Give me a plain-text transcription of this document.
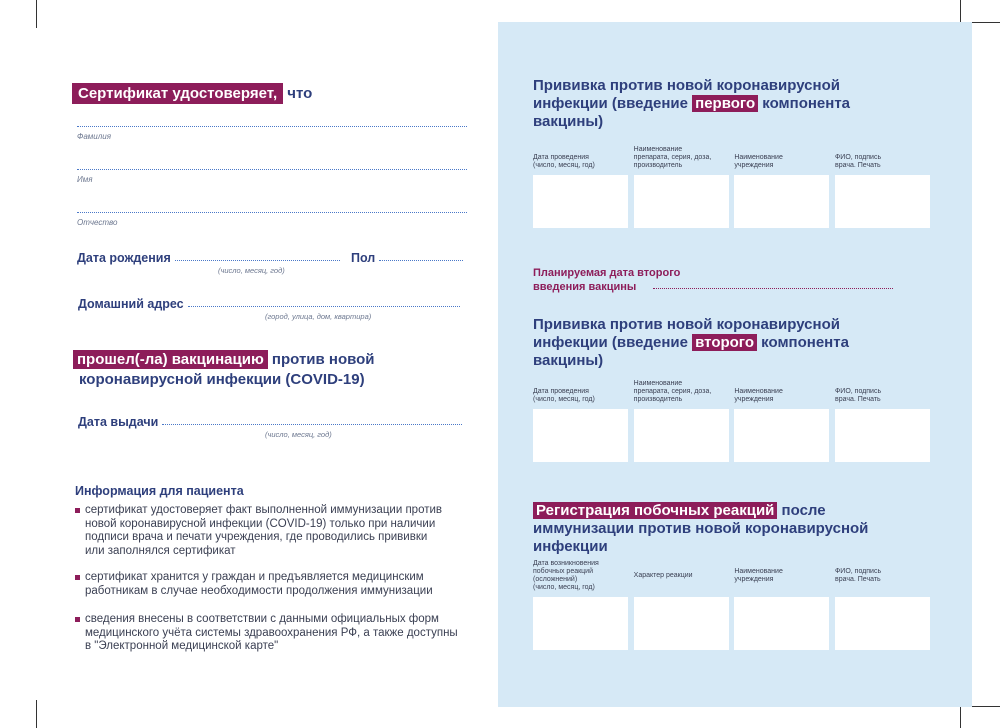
Сертификат удостоверяет, что
Фамилия
Имя
Отчество
Дата рождения	Пол
(число, месяц, год)
Домашний адрес
(город, улица, дом, квартира)
прошел(-ла) вакцинацию против новой
коронавирусной инфекции (COVID-19)
Дата выдачи
(число, месяц, год)
Информация для пациента
сертификат удостоверяет факт выполненной иммунизации против
новой коронавирусной инфекции (COVID-19) только при наличии
подписи врача и печати учреждения, где проводились прививки
или заполнялся сертификат
сертификат хранится у граждан и предъявляется медицинским
работникам в случае необходимости продолжения иммунизации
сведения внесены в соответствии с данными официальных форм
медицинского учёта системы здравоохранения РФ, а также доступны
в "Электронной медицинской карте"
Прививка против новой коронавирусной
инфекции (введение первого компонента
вакцины)
Дата проведения
(число, месяц, год)
Наименование
препарата, серия, доза,
производитель
Наименование
учреждения
ФИО, подпись
врача. Печать
Планируемая дата второго
введения вакцины
Прививка против новой коронавирусной
инфекции (введение второго компонента
вакцины)
Дата проведения
(число, месяц, год)
Наименование
препарата, серия, доза,
производитель
Наименование
учреждения
ФИО, подпись
врача. Печать
Регистрация побочных реакций после
иммунизации против новой коронавирусной
инфекции
Дата возникновения
побочных реакций
(осложнений)
(число, месяц, год)
Характер реакции
Наименование
учреждения
ФИО, подпись
врача. Печать
